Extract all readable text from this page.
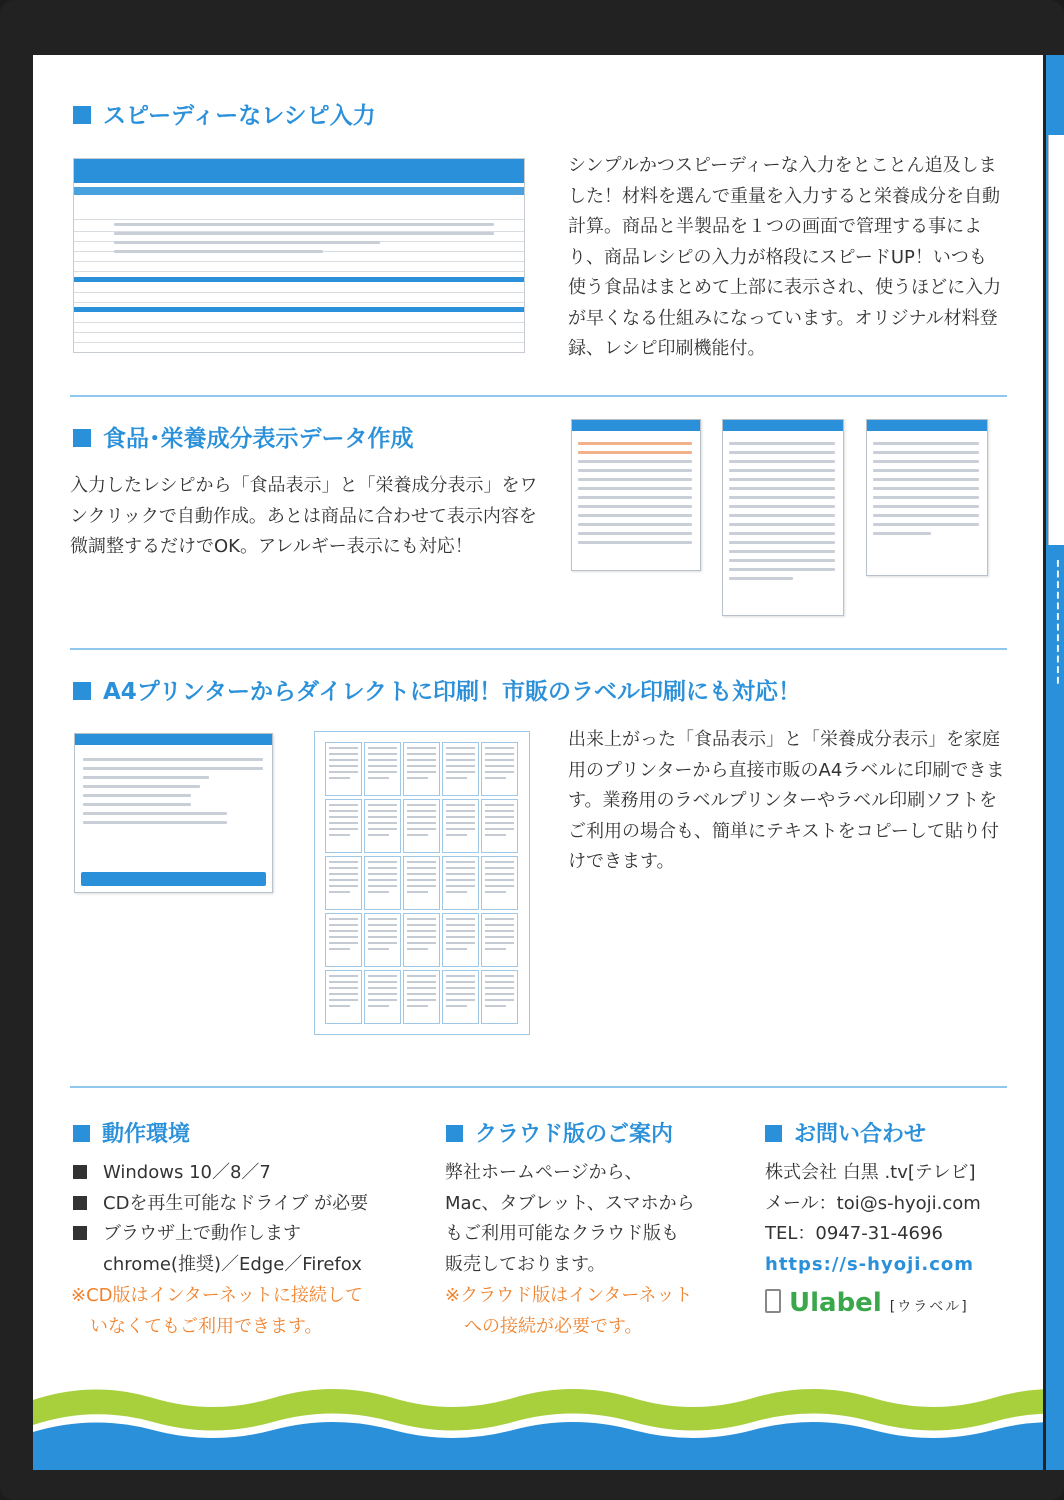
スピーディーなレシピ入力
シンプルかつスピーディーな入力をとことん追及しました！材料を選んで重量を入力すると栄養成分を自動計算。商品と半製品を１つの画面で管理する事により、商品レシピの入力が格段にスピードUP！いつも使う食品はまとめて上部に表示され、使うほどに入力が早くなる仕組みになっています。オリジナル材料登録、レシピ印刷機能付。
食品･栄養成分表示データ作成
入力したレシピから「食品表示」と「栄養成分表示」をワンクリックで自動作成。あとは商品に合わせて表示内容を微調整するだけでOK。アレルギー表示にも対応！
A4プリンターからダイレクトに印刷！市販のラベル印刷にも対応！
出来上がった「食品表示」と「栄養成分表示」を家庭用のプリンターから直接市販のA4ラベルに印刷できます。業務用のラベルプリンターやラベル印刷ソフトをご利用の場合も、簡単にテキストをコピーして貼り付けできます。
動作環境
Windows 10／8／7
CDを再生可能なドライブ が必要
ブラウザ上で動作します
chrome(推奨)／Edge／Firefox
※CD版はインターネットに接続して
いなくてもご利用できます。
クラウド版のご案内
弊社ホームページから、
Mac、タブレット、スマホから
もご利用可能なクラウド版も
販売しております。
※クラウド版はインターネット
への接続が必要です。
お問い合わせ
株式会社 白黒 .tv[テレビ]
メール：toi@s-hyoji.com
TEL：0947-31-4696
https://s-hyoji.com
Ulabel [ウラベル]
━━━━━━━━━━━━
